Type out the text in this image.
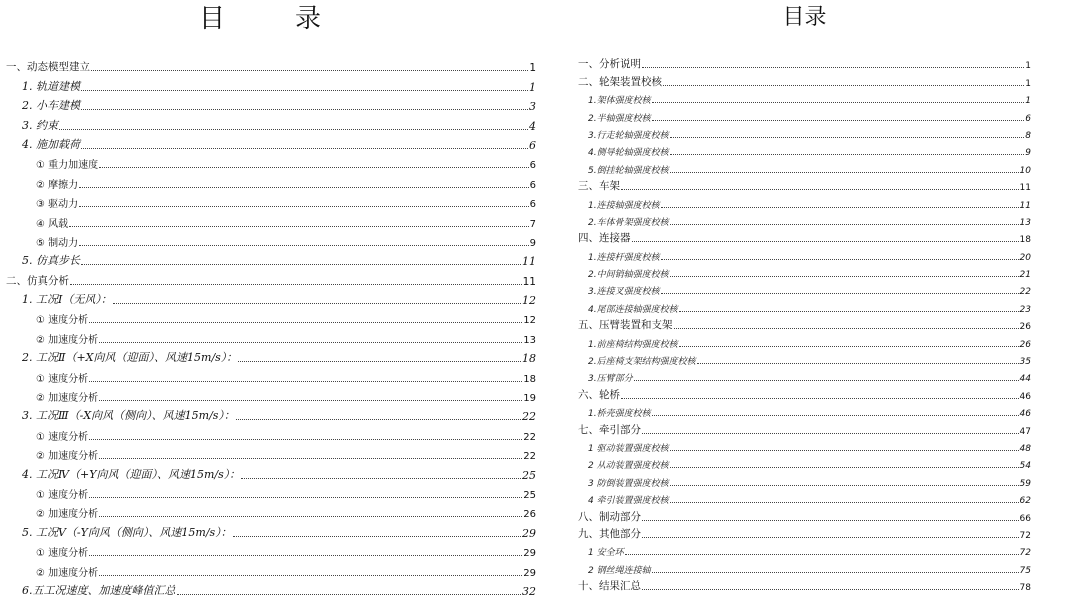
目　录
一、动态模型建立	1
1. 轨道建模	1
2. 小车建模	3
3. 约束	4
4. 施加载荷	6
① 重力加速度	6
② 摩擦力	6
③ 驱动力	6
④ 风载	7
⑤ 制动力	9
5. 仿真步长	11
二、仿真分析	11
1. 工况Ⅰ（无风）：	12
① 速度分析	12
② 加速度分析	13
2. 工况Ⅱ（+X向风（迎面）、风速15m/s）：	18
① 速度分析	18
② 加速度分析	19
3. 工况Ⅲ（-X向风（侧向）、风速15m/s）：	22
① 速度分析	22
② 加速度分析	22
4. 工况Ⅳ（+Y向风（迎面）、风速15m/s）：	25
① 速度分析	25
② 加速度分析	26
5. 工况Ⅴ（-Y向风（侧向）、风速15m/s）：	29
① 速度分析	29
② 加速度分析	29
6.五工况速度、加速度峰值汇总	32
目录
一、分析说明	1
二、轮架装置校核	1
1.架体强度校核	1
2.半轴强度校核	6
3.行走轮轴强度校核	8
4.侧导轮轴强度校核	9
5.倒挂轮轴强度校核	10
三、车架	11
1.连接轴强度校核	11
2.车体骨架强度校核	13
四、连接器	18
1.连接杆强度校核	20
2.中间销轴强度校核	21
3.连接叉强度校核	22
4.尾部连接轴强度校核	23
五、压臂装置和支架	26
1.前座椅结构强度校核	26
2.后座椅支架结构强度校核	35
3.压臂部分	44
六、轮桥	46
1.桥壳强度校核	46
七、牵引部分	47
1 驱动装置强度校核	48
2 从动装置强度校核	54
3 防倒装置强度校核	59
4 牵引装置强度校核	62
八、制动部分	66
九、其他部分	72
1 安全环	72
2 钢丝绳连接轴	75
十、结果汇总	78
